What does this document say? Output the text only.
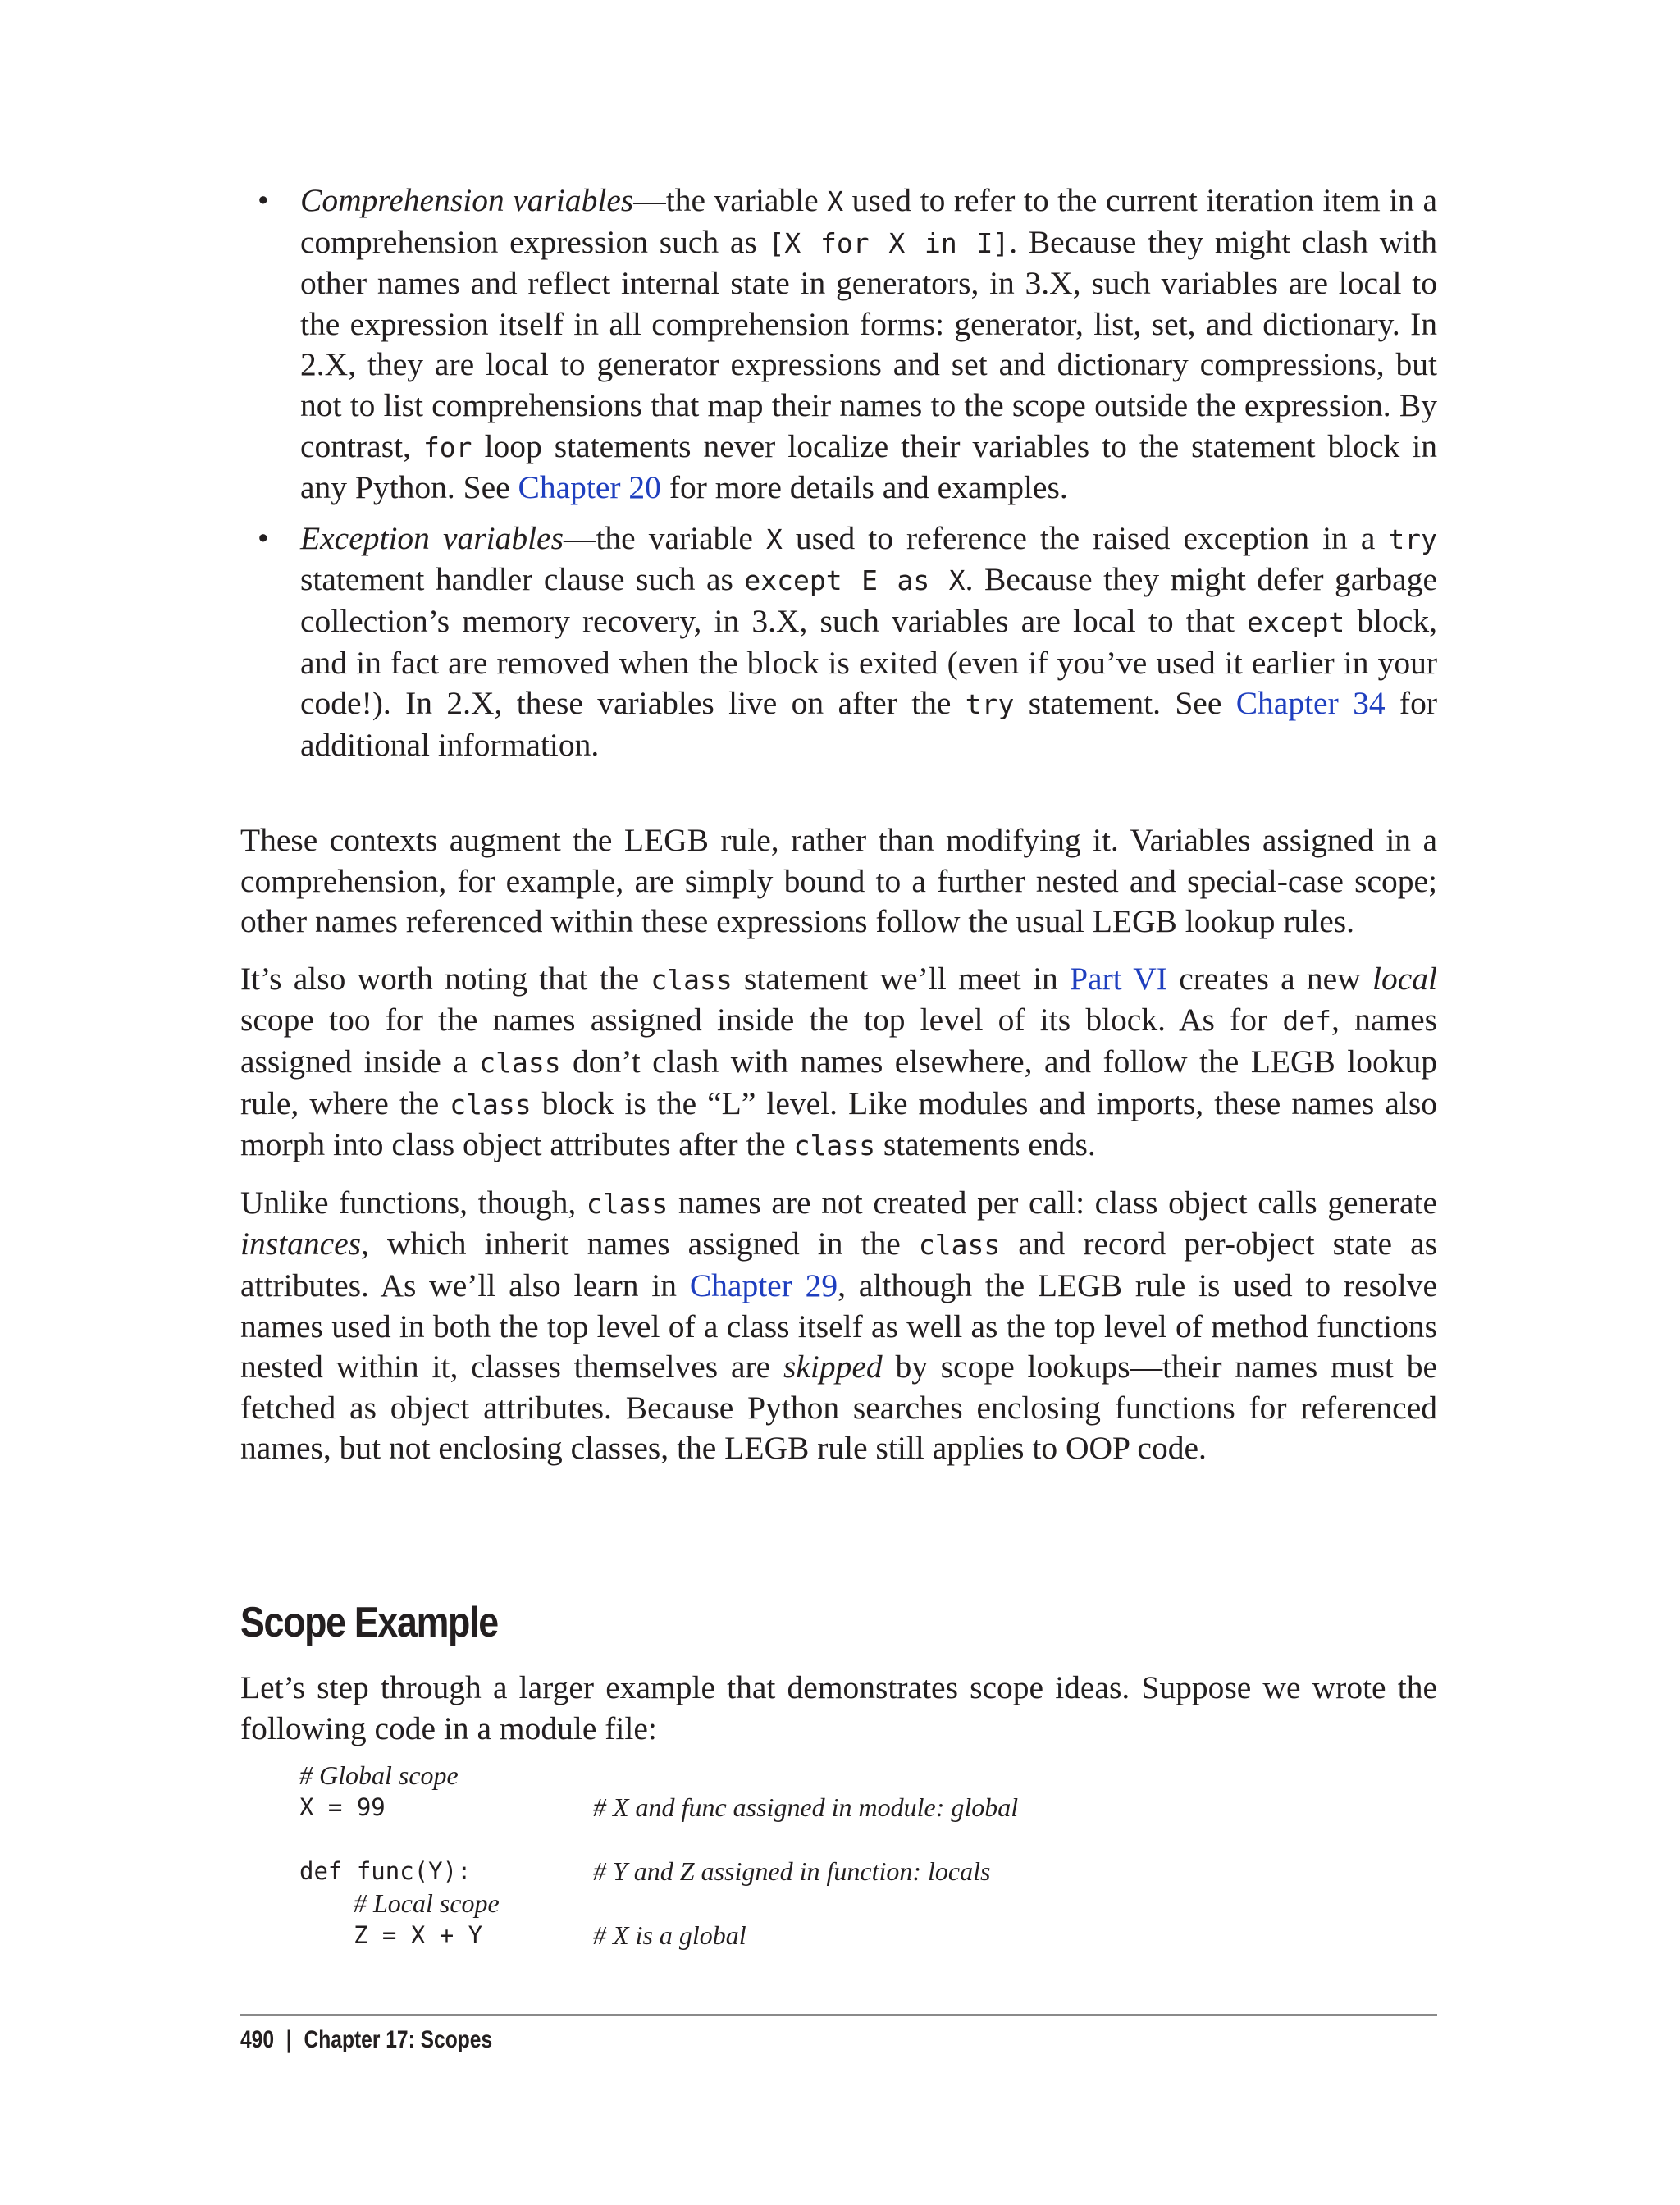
• Comprehension variables—the variable X used to refer to the current iteration item in a comprehension expression such as [X for X in I]. Because they might clash with other names and reflect internal state in generators, in 3.X, such variables are local to the expression itself in all comprehension forms: generator, list, set, and dictionary. In 2.X, they are local to generator expressions and set and dictionary compressions, but not to list comprehensions that map their names to the scope outside the expression. By contrast, for loop statements never localize their variables to the statement block in any Python. See Chapter 20 for more details and examples.
• Exception variables—the variable X used to reference the raised exception in a try statement handler clause such as except E as X. Because they might defer garbage collection’s memory recovery, in 3.X, such variables are local to that except block, and in fact are removed when the block is exited (even if you’ve used it earlier in your code!). In 2.X, these variables live on after the try statement. See Chapter 34 for additional information.

These contexts augment the LEGB rule, rather than modifying it. Variables assigned in a comprehension, for example, are simply bound to a further nested and special-case scope; other names referenced within these expressions follow the usual LEGB lookup rules.

It’s also worth noting that the class statement we’ll meet in Part VI creates a new local scope too for the names assigned inside the top level of its block. As for def, names assigned inside a class don’t clash with names elsewhere, and follow the LEGB lookup rule, where the class block is the “L” level. Like modules and imports, these names also morph into class object attributes after the class statements ends.

Unlike functions, though, class names are not created per call: class object calls generate instances, which inherit names assigned in the class and record per-object state as attributes. As we’ll also learn in Chapter 29, although the LEGB rule is used to resolve names used in both the top level of a class itself as well as the top level of method functions nested within it, classes themselves are skipped by scope lookups—their names must be fetched as object attributes. Because Python searches enclosing functions for referenced names, but not enclosing classes, the LEGB rule still applies to OOP code.

Scope Example

Let’s step through a larger example that demonstrates scope ideas. Suppose we wrote the following code in a module file:

# Global scope
X = 99	# X and func assigned in module: global
def func(Y):	# Y and Z assigned in function: locals
# Local scope
Z = X + Y	# X is a global
490 | Chapter 17: Scopes
